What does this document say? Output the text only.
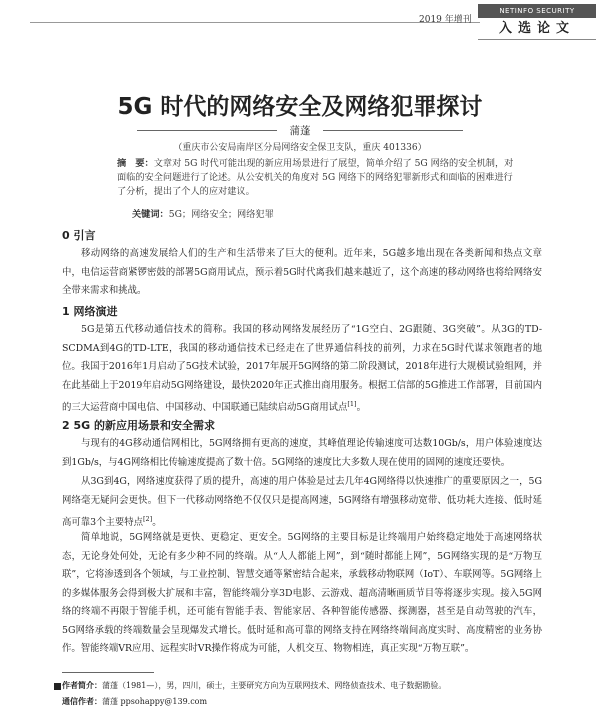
2019 年增刊
NETINFO SECURITY
入选论文
5G 时代的网络安全及网络犯罪探讨
蒲蓬
（重庆市公安局南岸区分局网络安全保卫支队，重庆 401336）
摘　要：文章对 5G 时代可能出现的新应用场景进行了展望，简单介绍了 5G 网络的安全机制，对面临的安全问题进行了论述。从公安机关的角度对 5G 网络下的网络犯罪新形式和面临的困难进行了分析，提出了个人的应对建议。
关键词：5G；网络安全；网络犯罪
0 引言
移动网络的高速发展给人们的生产和生活带来了巨大的便利。近年来，5G越多地出现在各类新闻和热点文章中，电信运营商紧锣密鼓的部署5G商用试点，预示着5G时代离我们越来越近了，这个高速的移动网络也将给网络安全带来需求和挑战。
1 网络演进
5G是第五代移动通信技术的简称。我国的移动网络发展经历了“1G空白、2G跟随、3G突破”。从3G的TD-SCDMA到4G的TD-LTE，我国的移动通信技术已经走在了世界通信科技的前列，力求在5G时代谋求领跑者的地位。我国于2016年1月启动了5G技术试验，2017年展开5G网络的第二阶段测试，2018年进行大规模试验组网，并在此基础上于2019年启动5G网络建设，最快2020年正式推出商用服务。根据工信部的5G推进工作部署，目前国内的三大运营商中国电信、中国移动、中国联通已陆续启动5G商用试点[1]。
2 5G 的新应用场景和安全需求
与现有的4G移动通信网相比，5G网络拥有更高的速度，其峰值理论传输速度可达数10Gb/s，用户体验速度达到1Gb/s，与4G网络相比传输速度提高了数十倍。5G网络的速度比大多数人现在使用的固网的速度还要快。
从3G到4G，网络速度获得了质的提升，高速的用户体验是过去几年4G网络得以快速推广的重要原因之一，5G网络毫无疑问会更快。但下一代移动网络绝不仅仅只是提高网速，5G网络有增强移动宽带、低功耗大连接、低时延高可靠3个主要特点[2]。
简单地说，5G网络就是更快、更稳定、更安全。5G网络的主要目标是让终端用户始终稳定地处于高速网络状态，无论身处何处，无论有多少种不同的终端。从“人人都能上网”，到“随时都能上网”，5G网络实现的是“万物互联”，它将渗透到各个领域，与工业控制、智慧交通等紧密结合起来，承载移动物联网（IoT）、车联网等。5G网络上的多媒体服务会得到极大扩展和丰富，智能终端分享3D电影、云游戏、超高清晰画质节目等将逐步实现。接入5G网络的终端不再限于智能手机，还可能有智能手表、智能家居、各种智能传感器、探测器，甚至是自动驾驶的汽车，5G网络承载的终端数量会呈现爆发式增长。低时延和高可靠的网络支持在网络终端间高度实时、高度精密的业务协作。智能终端VR应用、远程实时VR操作将成为可能，人机交互、物物相连，真正实现“万物互联”。
作者简介：蒲蓬（1981—），男，四川，硕士，主要研究方向为互联网技术、网络侦查技术、电子数据勘验。
通信作者：蒲蓬 ppsohappy@139.com
